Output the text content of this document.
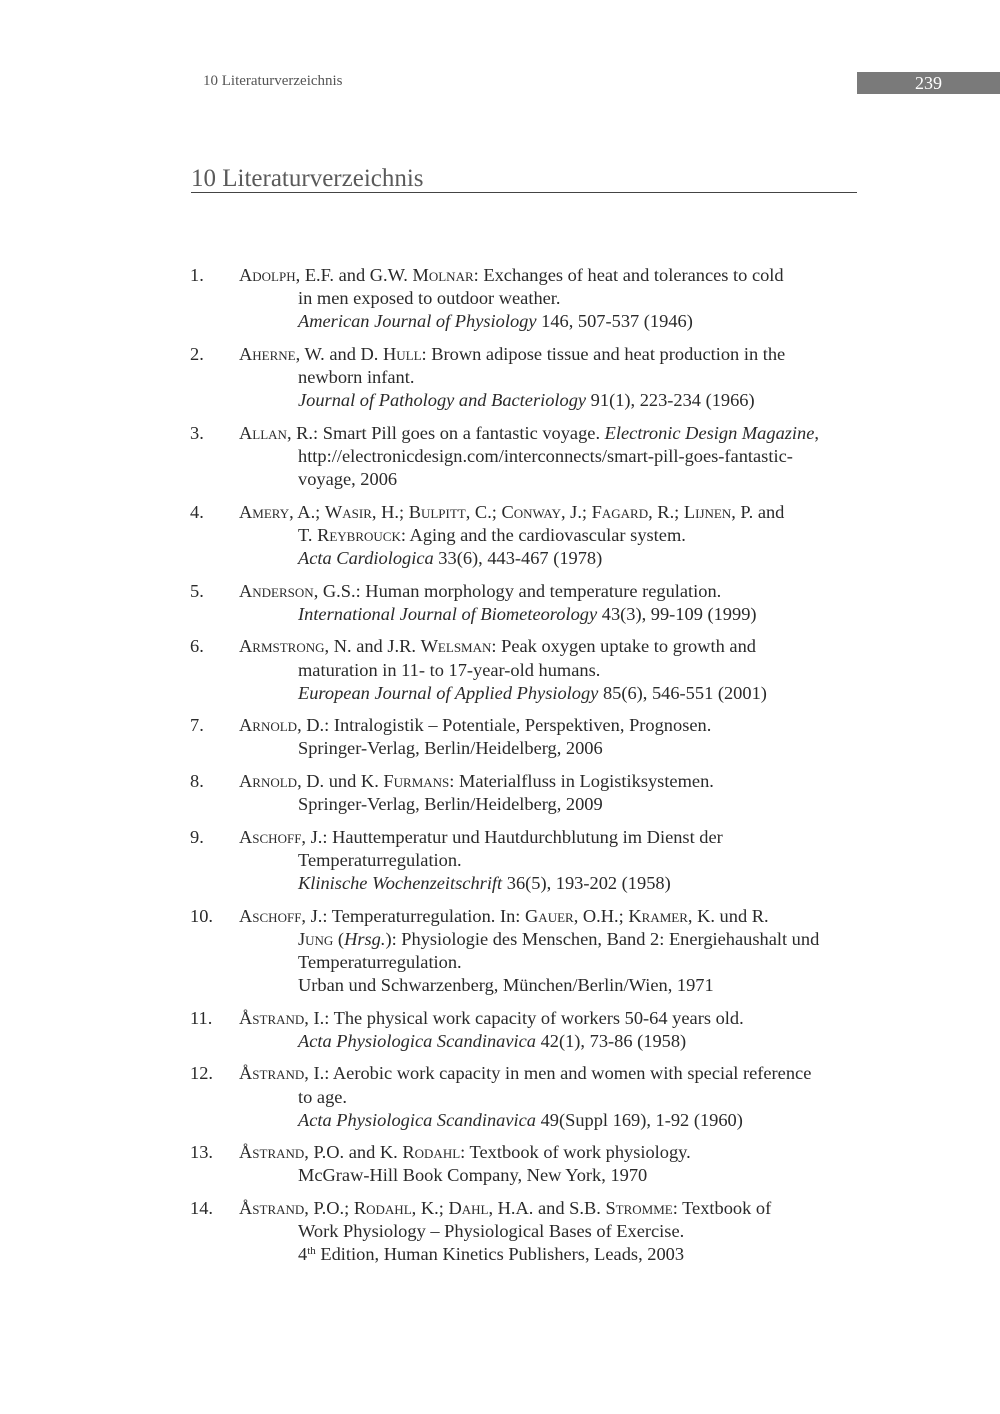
10 Literaturverzeichnis	239
10 Literaturverzeichnis
1. Adolph, E.F. and G.W. Molnar: Exchanges of heat and tolerances to cold
in men exposed to outdoor weather.
American Journal of Physiology 146, 507-537 (1946)
2. Aherne, W. and D. Hull: Brown adipose tissue and heat production in the
newborn infant.
Journal of Pathology and Bacteriology 91(1), 223-234 (1966)
3. Allan, R.: Smart Pill goes on a fantastic voyage. Electronic Design Magazine,
http://electronicdesign.com/interconnects/smart-pill-goes-fantastic-
voyage, 2006
4. Amery, A.; Wasir, H.; Bulpitt, C.; Conway, J.; Fagard, R.; Lijnen, P. and
T. Reybrouck: Aging and the cardiovascular system.
Acta Cardiologica 33(6), 443-467 (1978)
5. Anderson, G.S.: Human morphology and temperature regulation.
International Journal of Biometeorology 43(3), 99-109 (1999)
6. Armstrong, N. and J.R. Welsman: Peak oxygen uptake to growth and
maturation in 11- to 17-year-old humans.
European Journal of Applied Physiology 85(6), 546-551 (2001)
7. Arnold, D.: Intralogistik – Potentiale, Perspektiven, Prognosen.
Springer-Verlag, Berlin/Heidelberg, 2006
8. Arnold, D. und K. Furmans: Materialfluss in Logistiksystemen.
Springer-Verlag, Berlin/Heidelberg, 2009
9. Aschoff, J.: Hauttemperatur und Hautdurchblutung im Dienst der
Temperaturregulation.
Klinische Wochenzeitschrift 36(5), 193-202 (1958)
10. Aschoff, J.: Temperaturregulation. In: Gauer, O.H.; Kramer, K. und R.
Jung (Hrsg.): Physiologie des Menschen, Band 2: Energiehaushalt und
Temperaturregulation.
Urban und Schwarzenberg, München/Berlin/Wien, 1971
11. Åstrand, I.: The physical work capacity of workers 50-64 years old.
Acta Physiologica Scandinavica 42(1), 73-86 (1958)
12. Åstrand, I.: Aerobic work capacity in men and women with special reference
to age.
Acta Physiologica Scandinavica 49(Suppl 169), 1-92 (1960)
13. Åstrand, P.O. and K. Rodahl: Textbook of work physiology.
McGraw-Hill Book Company, New York, 1970
14. Åstrand, P.O.; Rodahl, K.; Dahl, H.A. and S.B. Stromme: Textbook of
Work Physiology – Physiological Bases of Exercise.
4th Edition, Human Kinetics Publishers, Leads, 2003
